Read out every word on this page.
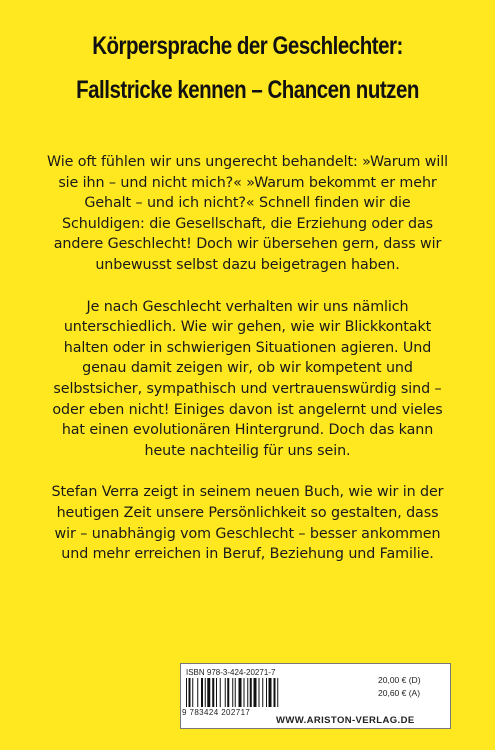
Körpersprache der Geschlechter:
Fallstricke kennen – Chancen nutzen

Wie oft fühlen wir uns ungerecht behandelt: »Warum will sie ihn – und nicht mich?« »Warum bekommt er mehr Gehalt – und ich nicht?« Schnell finden wir die Schuldigen: die Gesellschaft, die Erziehung oder das andere Geschlecht! Doch wir übersehen gern, dass wir unbewusst selbst dazu beigetragen haben.

Je nach Geschlecht verhalten wir uns nämlich unterschiedlich. Wie wir gehen, wie wir Blickkontakt halten oder in schwierigen Situationen agieren. Und genau damit zeigen wir, ob wir kompetent und selbstsicher, sympathisch und vertrauenswürdig sind – oder eben nicht! Einiges davon ist angelernt und vieles hat einen evolutionären Hintergrund. Doch das kann heute nachteilig für uns sein.

Stefan Verra zeigt in seinem neuen Buch, wie wir in der heutigen Zeit unsere Persönlichkeit so gestalten, dass wir – unabhängig vom Geschlecht – besser ankommen und mehr erreichen in Beruf, Beziehung und Familie.

ISBN 978-3-424-20271-7
9 783424 202717
20,00 € (D)
20,60 € (A)
WWW.ARISTON-VERLAG.DE
